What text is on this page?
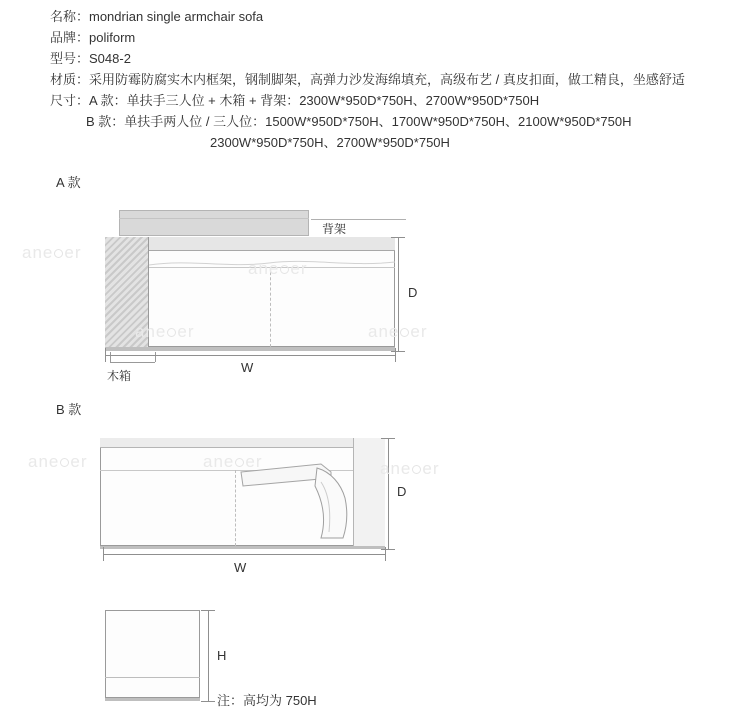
名称：mondrian single armchair sofa
品牌：poliform
型号：S048-2
材质：采用防霉防腐实木内框架，钢制脚架，高弹力沙发海绵填充，高级布艺 / 真皮扣面，做工精良，坐感舒适
尺寸：A 款：单扶手三人位 + 木箱 + 背架：2300W*950D*750H、2700W*950D*750H
B 款：单扶手两人位 / 三人位：1500W*950D*750H、1700W*950D*750H、2100W*950D*750H
2300W*950D*750H、2700W*950D*750H
A 款
B 款
背架
木箱
D
W
D
W
H
注：高均为 750H
ane er
ane er
ane er	ane er
ane er	ane er	ane er
